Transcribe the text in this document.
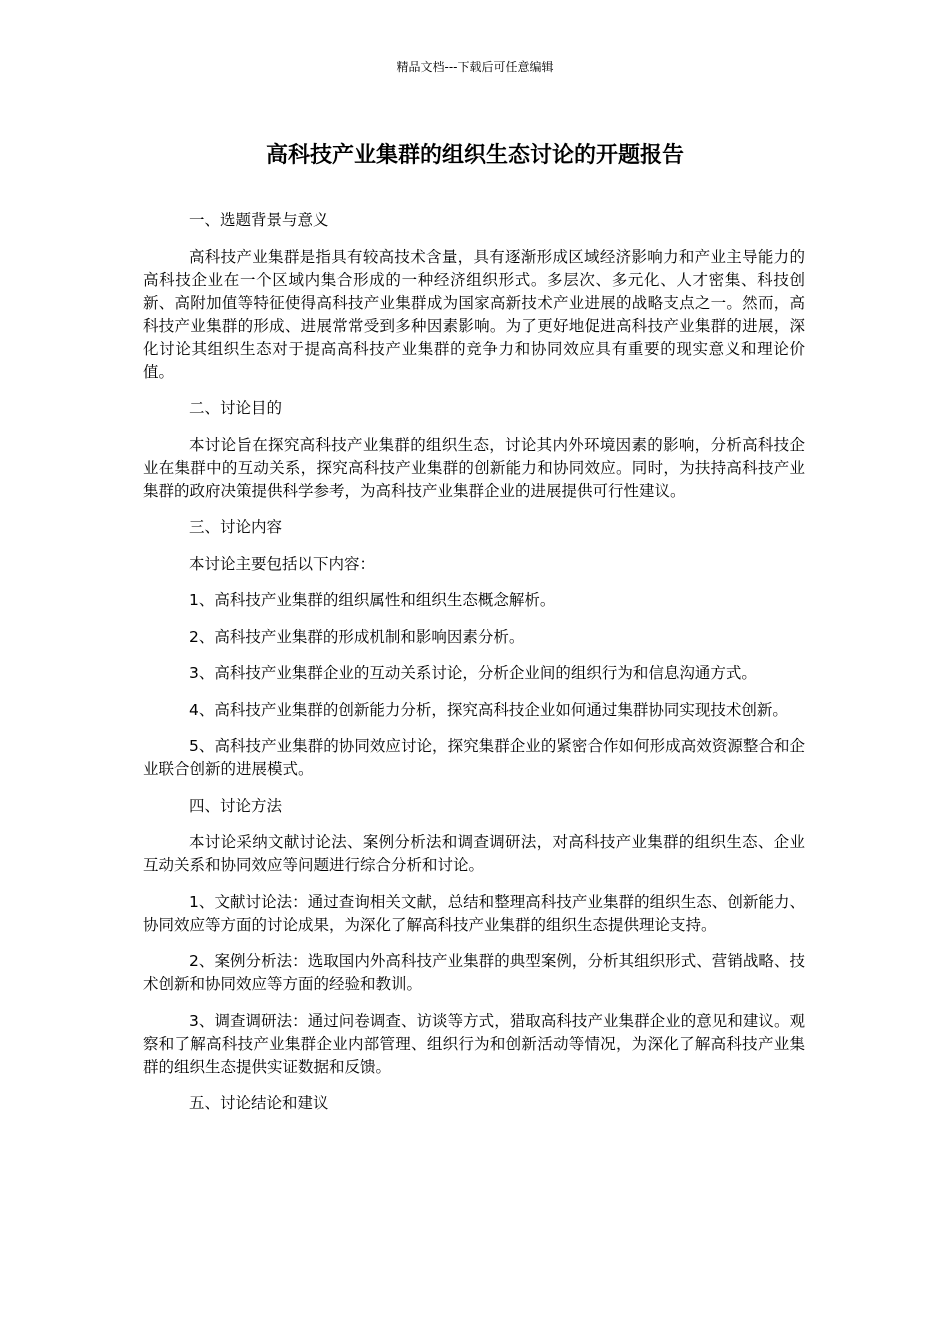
精品文档---下载后可任意编辑
高科技产业集群的组织生态讨论的开题报告

一、选题背景与意义

高科技产业集群是指具有较高技术含量，具有逐渐形成区域经济影响力和产业主导能力的高科技企业在一个区域内集合形成的一种经济组织形式。多层次、多元化、人才密集、科技创新、高附加值等特征使得高科技产业集群成为国家高新技术产业进展的战略支点之一。然而，高科技产业集群的形成、进展常常受到多种因素影响。为了更好地促进高科技产业集群的进展，深化讨论其组织生态对于提高高科技产业集群的竞争力和协同效应具有重要的现实意义和理论价值。

二、讨论目的

本讨论旨在探究高科技产业集群的组织生态，讨论其内外环境因素的影响，分析高科技企业在集群中的互动关系，探究高科技产业集群的创新能力和协同效应。同时，为扶持高科技产业集群的政府决策提供科学参考，为高科技产业集群企业的进展提供可行性建议。

三、讨论内容

本讨论主要包括以下内容：

1、高科技产业集群的组织属性和组织生态概念解析。

2、高科技产业集群的形成机制和影响因素分析。

3、高科技产业集群企业的互动关系讨论，分析企业间的组织行为和信息沟通方式。

4、高科技产业集群的创新能力分析，探究高科技企业如何通过集群协同实现技术创新。

5、高科技产业集群的协同效应讨论，探究集群企业的紧密合作如何形成高效资源整合和企业联合创新的进展模式。

四、讨论方法

本讨论采纳文献讨论法、案例分析法和调查调研法，对高科技产业集群的组织生态、企业互动关系和协同效应等问题进行综合分析和讨论。

1、文献讨论法：通过查询相关文献，总结和整理高科技产业集群的组织生态、创新能力、协同效应等方面的讨论成果，为深化了解高科技产业集群的组织生态提供理论支持。

2、案例分析法：选取国内外高科技产业集群的典型案例，分析其组织形式、营销战略、技术创新和协同效应等方面的经验和教训。

3、调查调研法：通过问卷调查、访谈等方式，猎取高科技产业集群企业的意见和建议。观察和了解高科技产业集群企业内部管理、组织行为和创新活动等情况，为深化了解高科技产业集群的组织生态提供实证数据和反馈。

五、讨论结论和建议
